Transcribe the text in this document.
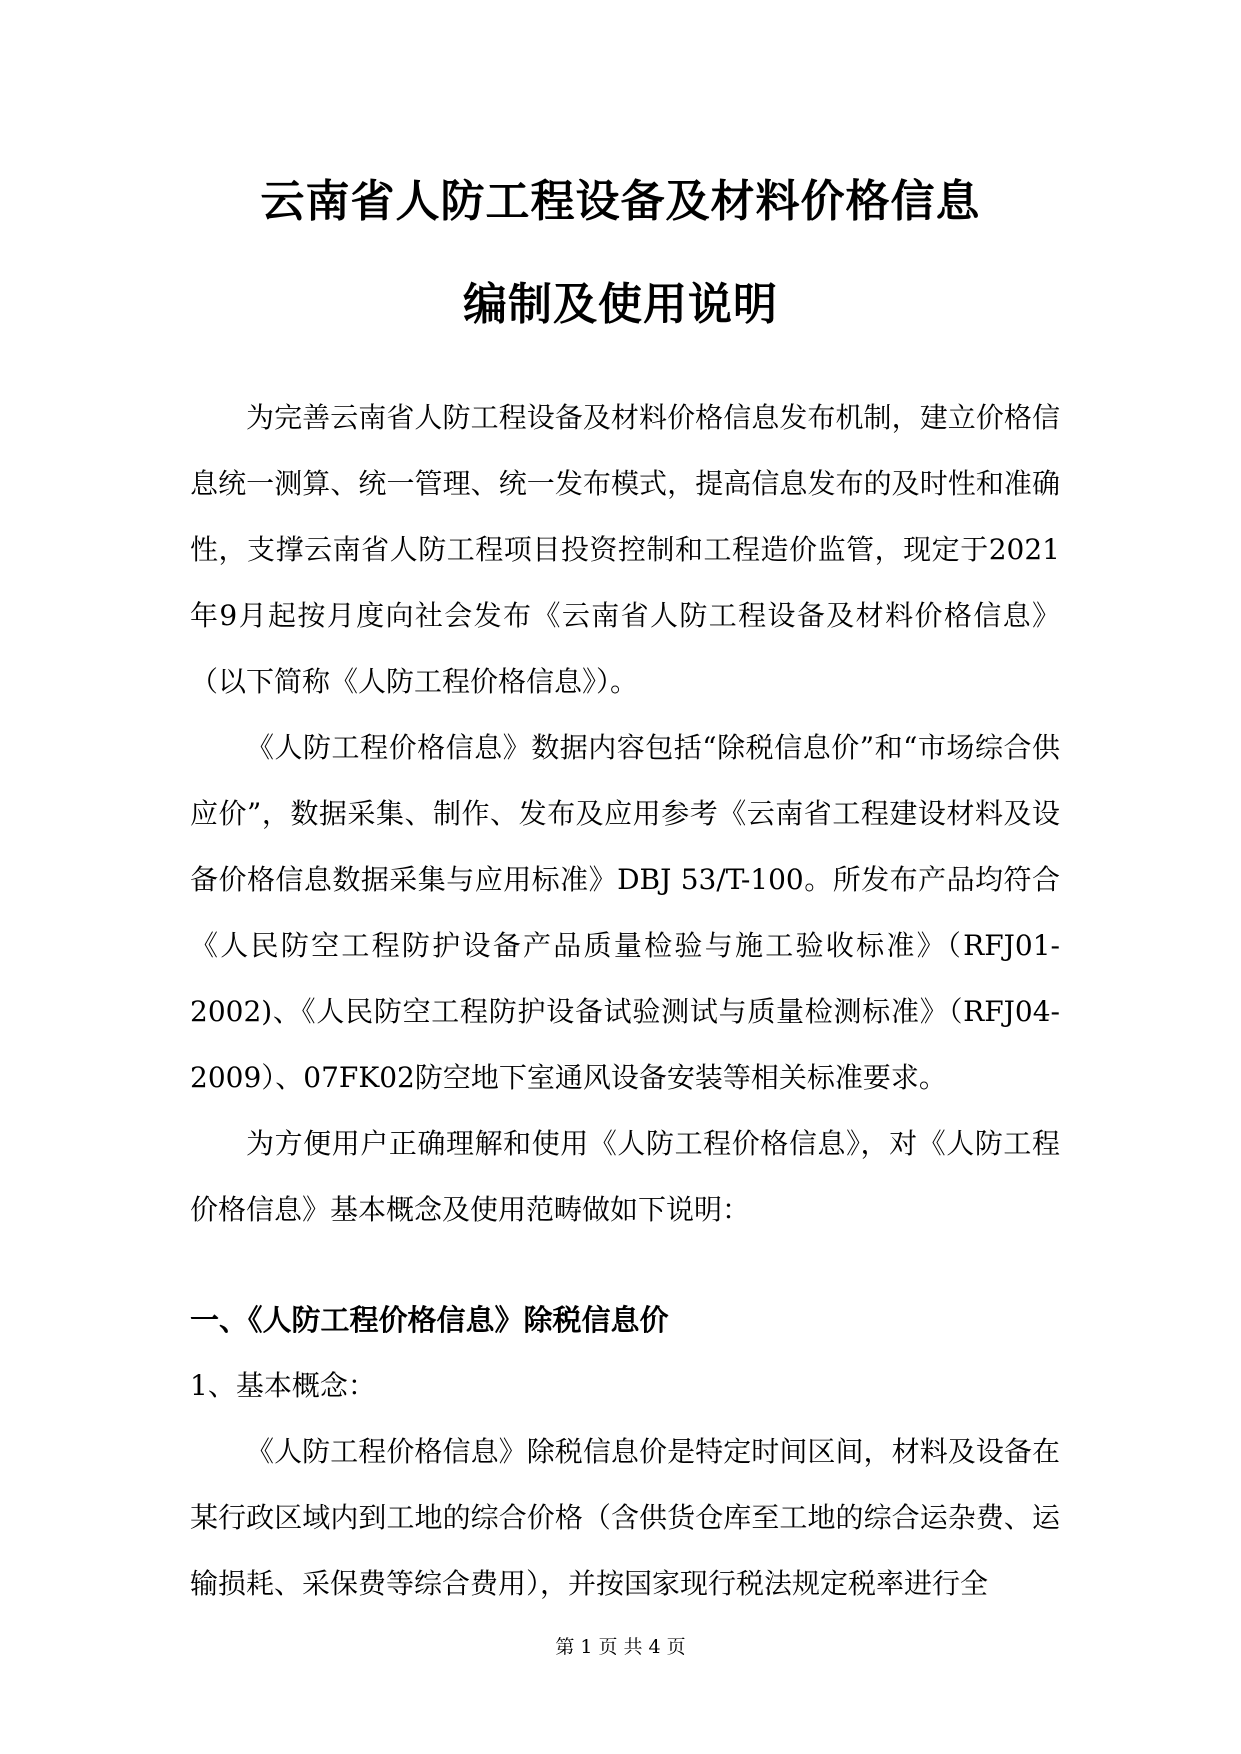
云南省人防工程设备及材料价格信息
编制及使用说明

为完善云南省人防工程设备及材料价格信息发布机制，建立价格信息统一测算、统一管理、统一发布模式，提高信息发布的及时性和准确性，支撑云南省人防工程项目投资控制和工程造价监管，现定于2021年9月起按月度向社会发布《云南省人防工程设备及材料价格信息》（以下简称《人防工程价格信息》）。

《人防工程价格信息》数据内容包括“除税信息价”和“市场综合供应价”，数据采集、制作、发布及应用参考《云南省工程建设材料及设备价格信息数据采集与应用标准》DBJ 53/T-100。所发布产品均符合《人民防空工程防护设备产品质量检验与施工验收标准》（RFJ01-2002)、《人民防空工程防护设备试验测试与质量检测标准》（RFJ04-2009）、07FK02防空地下室通风设备安装等相关标准要求。

为方便用户正确理解和使用《人防工程价格信息》，对《人防工程价格信息》基本概念及使用范畴做如下说明：

一、《人防工程价格信息》除税信息价

1、基本概念：

《人防工程价格信息》除税信息价是特定时间区间，材料及设备在某行政区域内到工地的综合价格（含供货仓库至工地的综合运杂费、运输损耗、采保费等综合费用），并按国家现行税法规定税率进行全

第 1 页 共 4 页
